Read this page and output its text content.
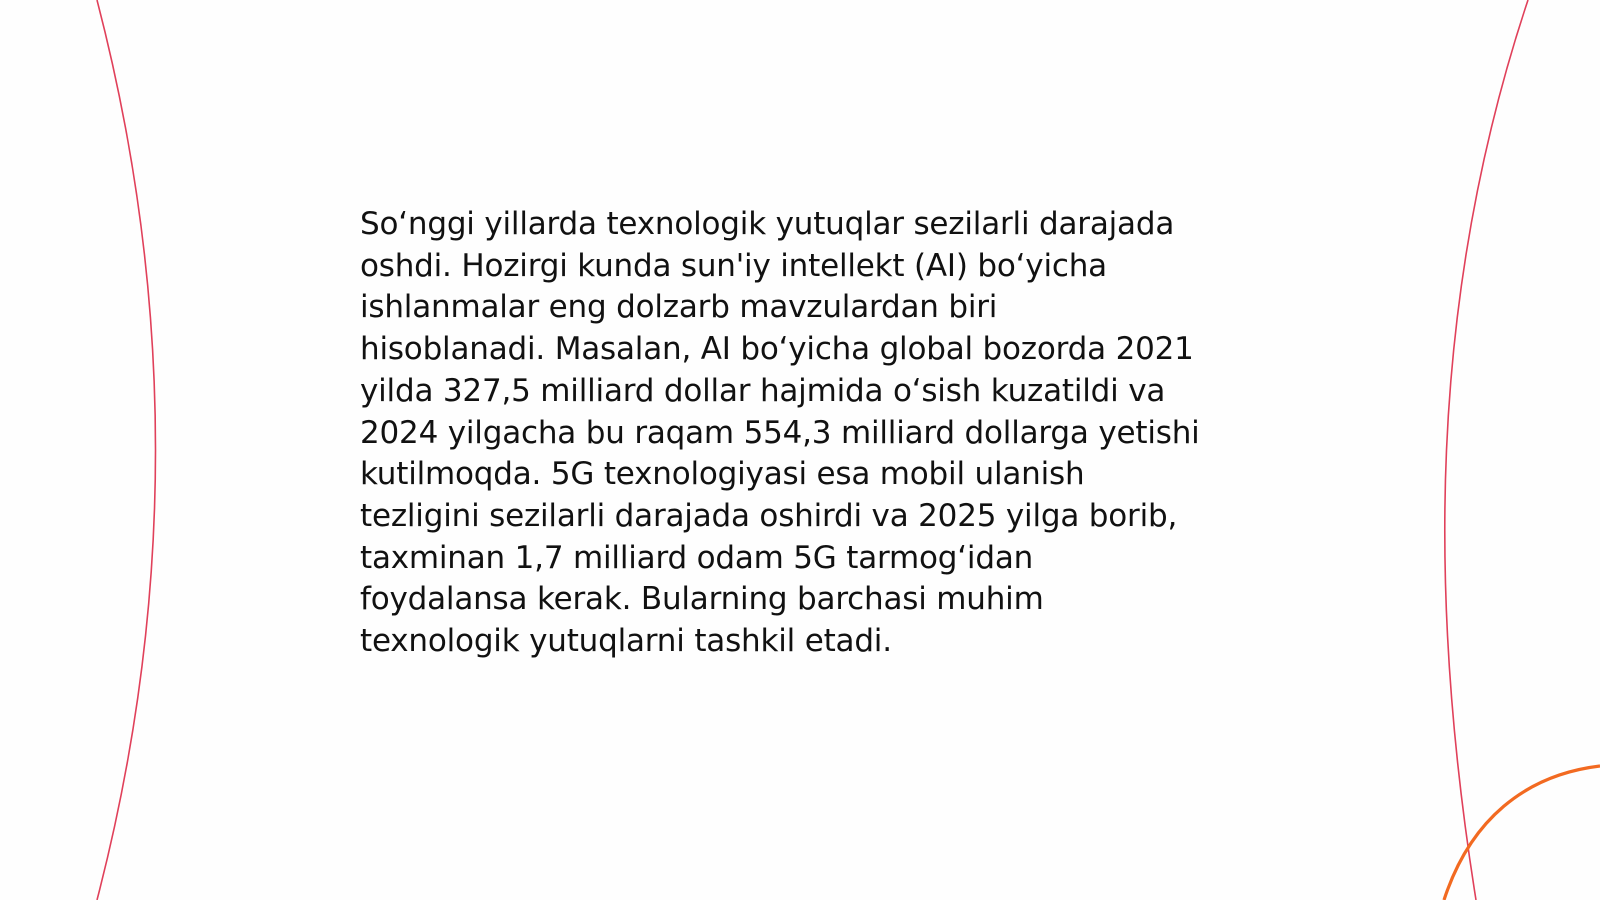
So‘nggi yillarda texnologik yutuqlar sezilarli darajada
oshdi. Hozirgi kunda sun'iy intellekt (AI) bo‘yicha
ishlanmalar eng dolzarb mavzulardan biri
hisoblanadi. Masalan, AI bo‘yicha global bozorda 2021
yilda 327,5 milliard dollar hajmida o‘sish kuzatildi va
2024 yilgacha bu raqam 554,3 milliard dollarga yetishi
kutilmoqda. 5G texnologiyasi esa mobil ulanish
tezligini sezilarli darajada oshirdi va 2025 yilga borib,
taxminan 1,7 milliard odam 5G tarmog‘idan
foydalansa kerak. Bularning barchasi muhim
texnologik yutuqlarni tashkil etadi.
